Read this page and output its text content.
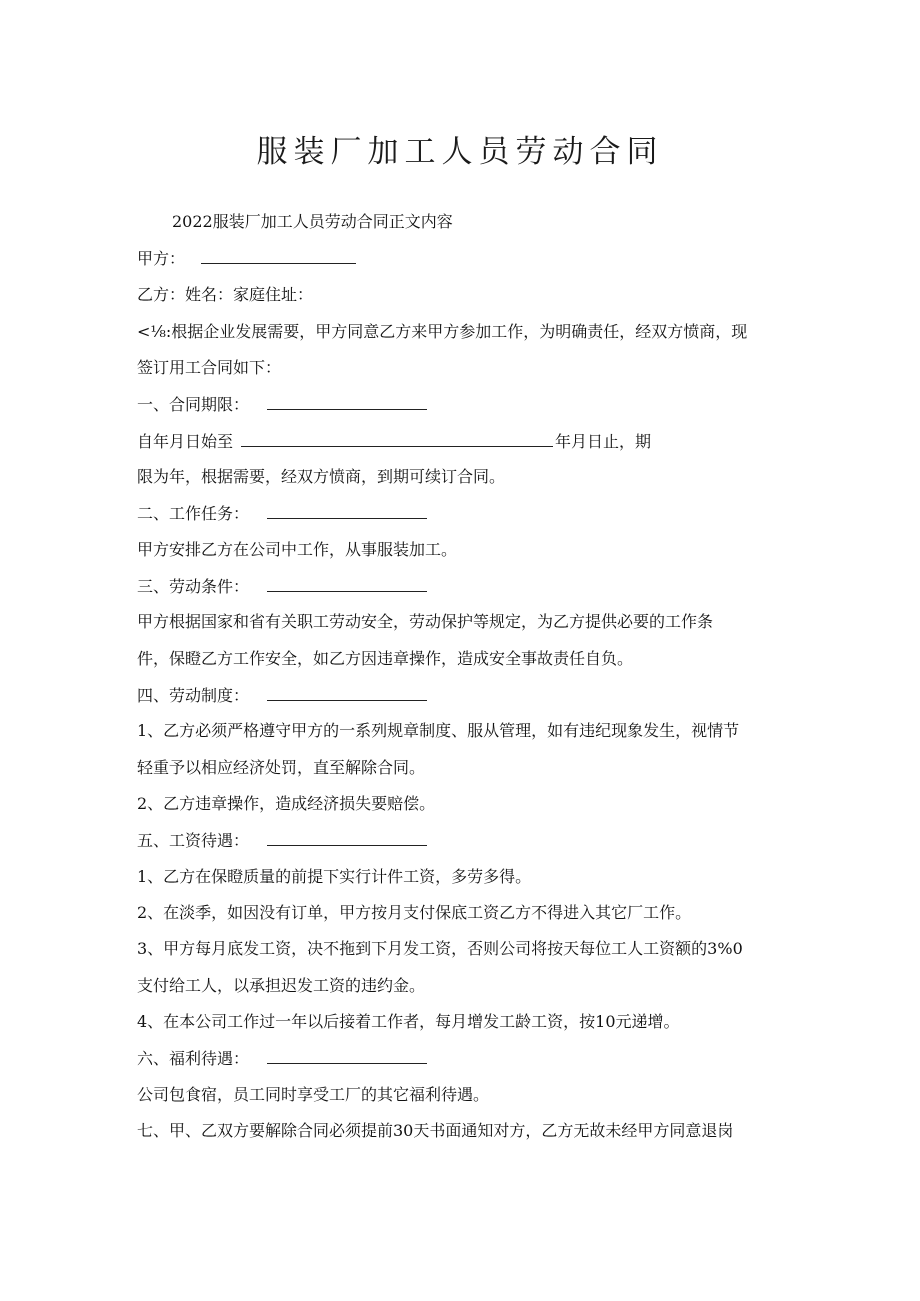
服装厂加工人员劳动合同
2022服装厂加工人员劳动合同正文内容
甲方：
乙方：姓名：家庭住址：
<⅛:根据企业发展需要，甲方同意乙方来甲方参加工作，为明确责任，经双方愤商，现
签订用工合同如下：
一、合同期限：
自年月日始至	年月日止，期
限为年，根据需要，经双方愤商，到期可续订合同。
二、工作任务：
甲方安排乙方在公司中工作，从事服装加工。
三、劳动条件：
甲方根据国家和省有关职工劳动安全，劳动保护等规定，为乙方提供必要的工作条
件，保瞪乙方工作安全，如乙方因违章操作，造成安全事故责任自负。
四、劳动制度：
1、乙方必须严格遵守甲方的一系列规章制度、服从管理，如有违纪现象发生，视情节
轻重予以相应经济处罚，直至解除合同。
2、乙方违章操作，造成经济损失要赔偿。
五、工资待遇：
1、乙方在保瞪质量的前提下实行计件工资，多劳多得。
2、在淡季，如因没有订单，甲方按月支付保底工资乙方不得进入其它厂工作。
3、甲方每月底发工资，决不拖到下月发工资，否则公司将按天每位工人工资额的3%0
支付给工人，以承担迟发工资的违约金。
4、在本公司工作过一年以后接着工作者，每月增发工龄工资，按10元递增。
六、福利待遇：
公司包食宿，员工同时享受工厂的其它福利待遇。
七、甲、乙双方要解除合同必须提前30天书面通知对方，乙方无故未经甲方同意退岗
